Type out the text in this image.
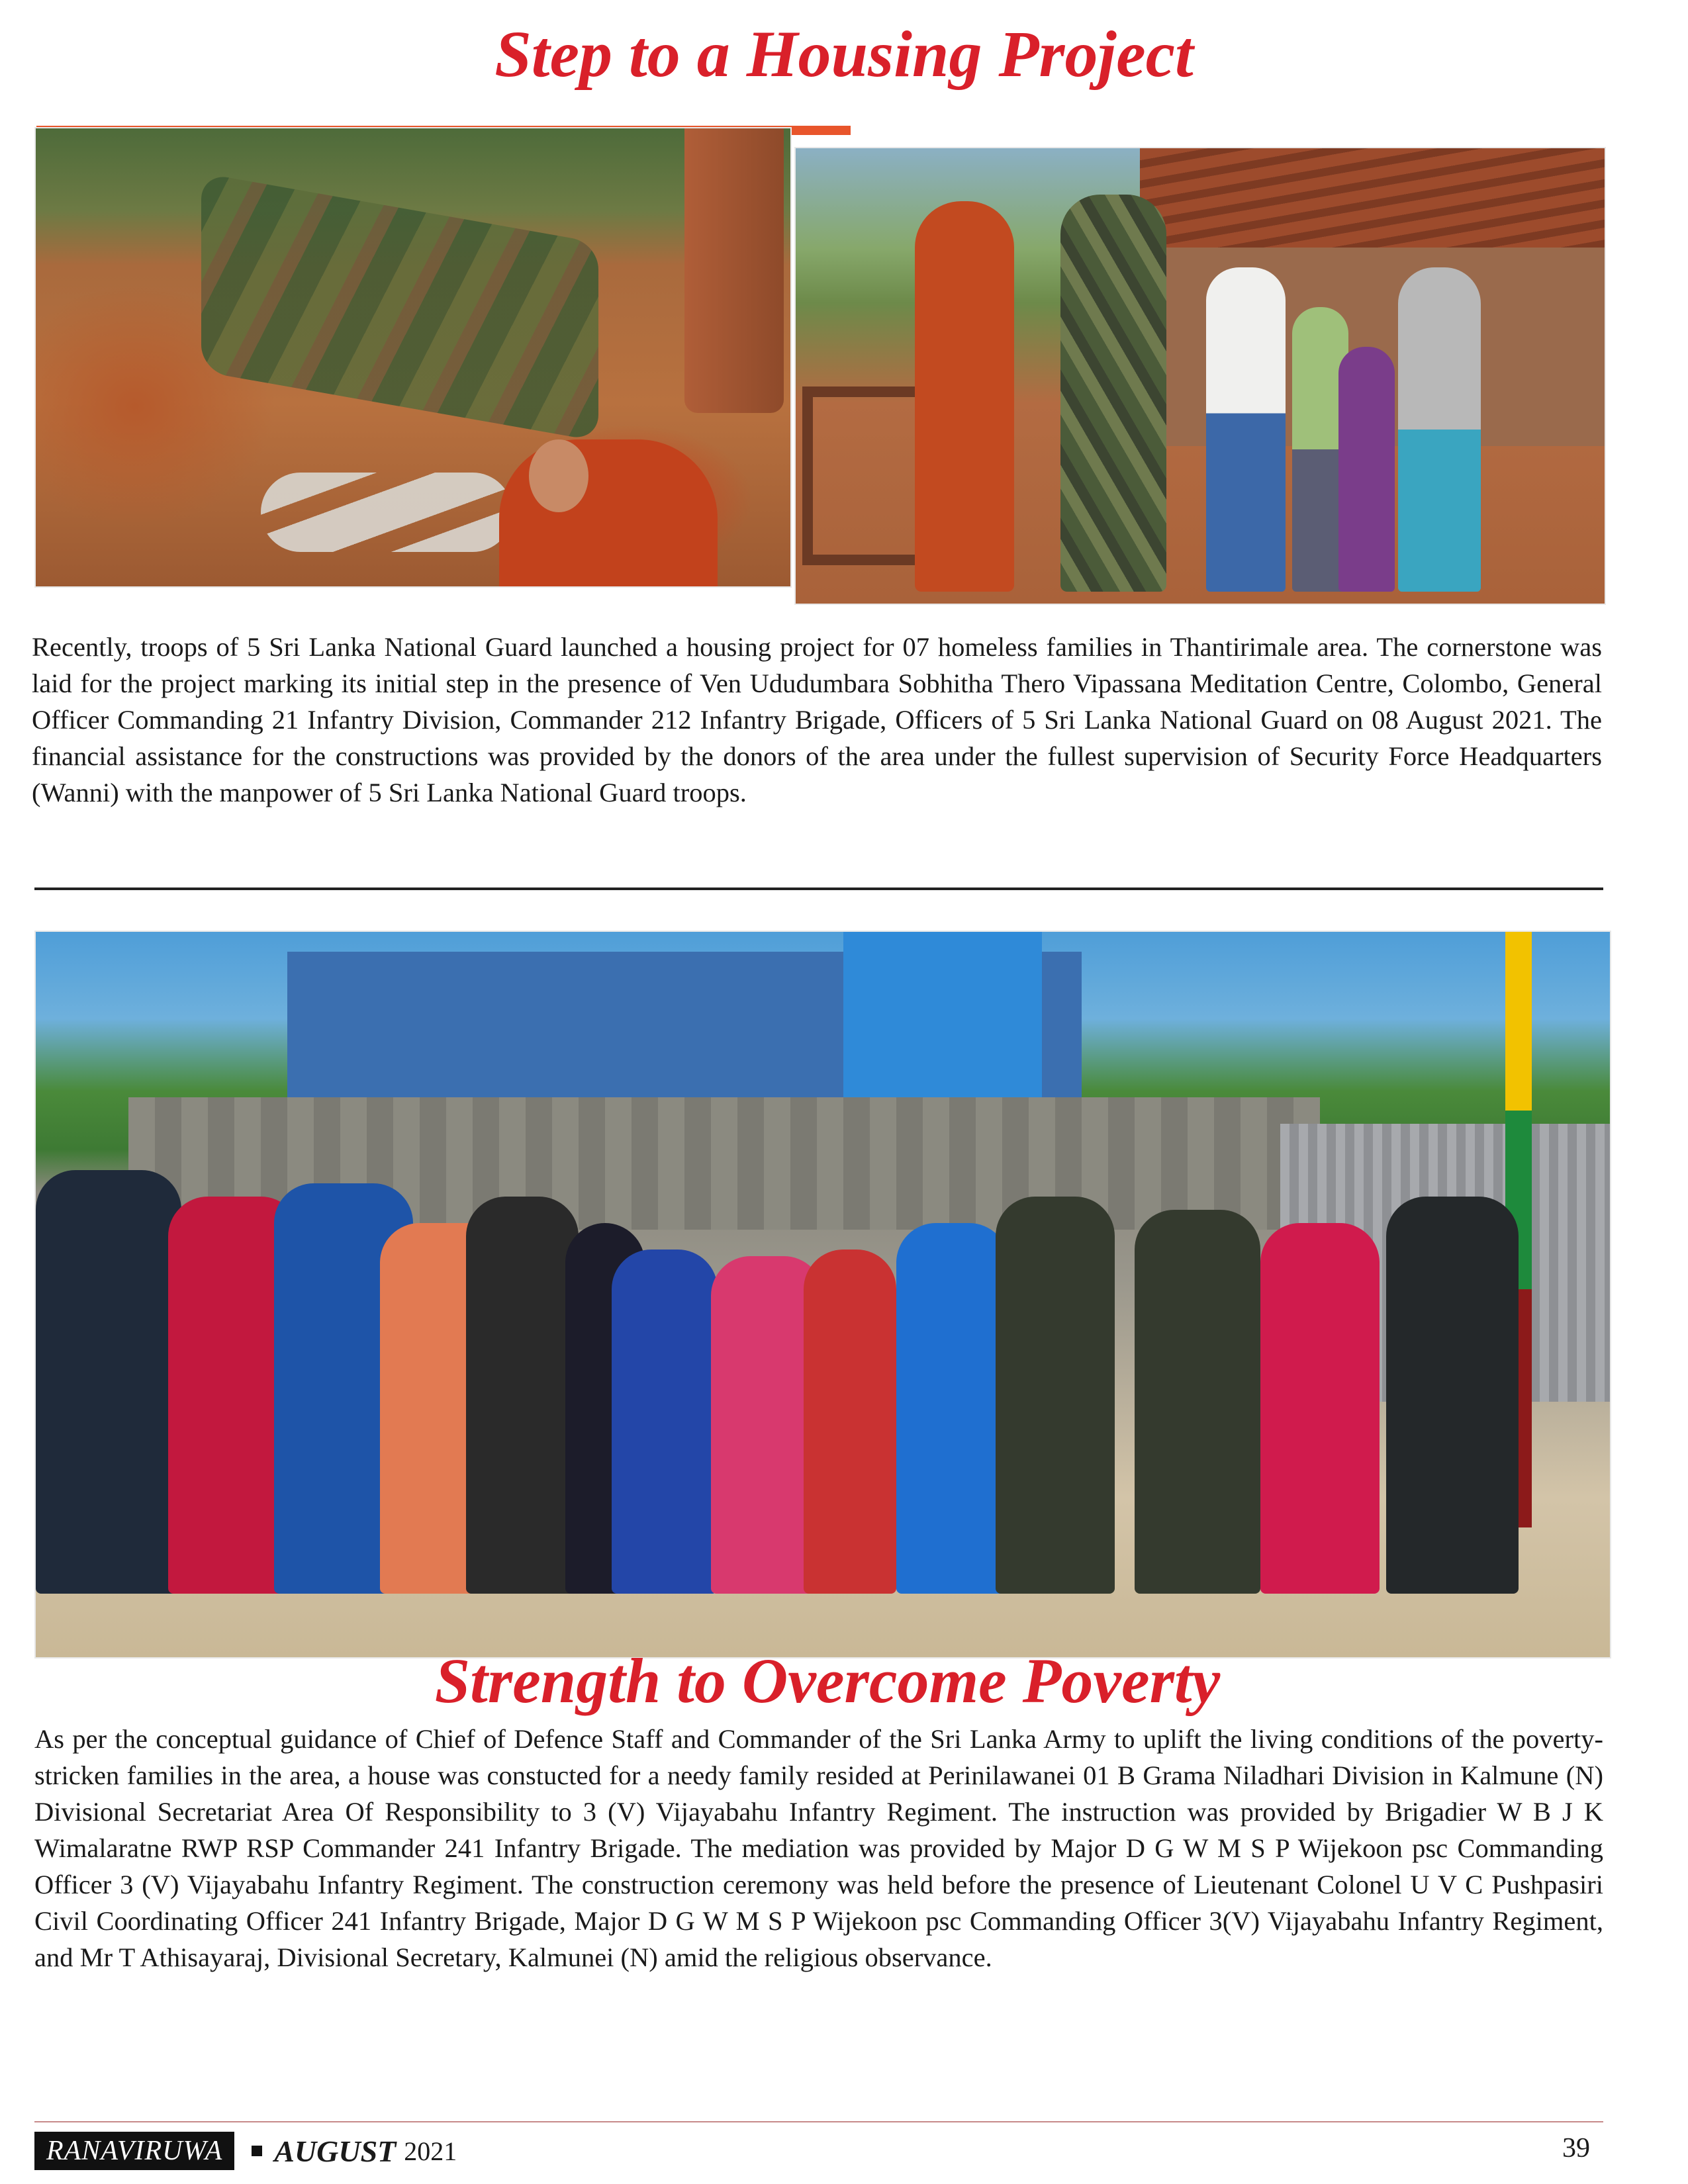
Step to a Housing Project

Recently, troops of 5 Sri Lanka National Guard launched a housing project for 07 homeless families in Thantirimale area. The cornerstone was laid for the project marking its initial step in the presence of Ven Ududumbara Sobhitha Thero Vipassana Meditation Centre, Colombo, General Officer Commanding 21 Infantry Division, Commander 212 Infantry Brigade, Officers of 5 Sri Lanka National Guard on 08 August 2021. The financial assistance for the constructions was provided by the donors of the area under the fullest supervision of Security Force Headquarters (Wanni) with the manpower of 5 Sri Lanka National Guard troops.

Strength to Overcome Poverty

As per the conceptual guidance of Chief of Defence Staff and Commander of the Sri Lanka Army to uplift the living conditions of the poverty-stricken families in the area, a house was constucted for a needy family resided at Perinilawanei 01 B Grama Niladhari Division in Kalmune (N) Divisional Secretariat Area Of Responsibility to 3 (V) Vijayabahu Infantry Regiment. The instruction was provided by Brigadier W B J K Wimalaratne RWP RSP Commander 241 Infantry Brigade. The mediation was provided by Major D G W M S P Wijekoon psc Commanding Officer 3 (V) Vijayabahu Infantry Regiment. The construction ceremony was held before the presence of Lieutenant Colonel U V C Pushpasiri Civil Coordinating Officer 241 Infantry Brigade, Major D G W M S P Wijekoon psc Commanding Officer 3(V) Vijayabahu Infantry Regiment, and Mr T Athisayaraj, Divisional Secretary, Kalmunei (N) amid the religious observance.

RANAVIRUWA	AUGUST 2021	39
